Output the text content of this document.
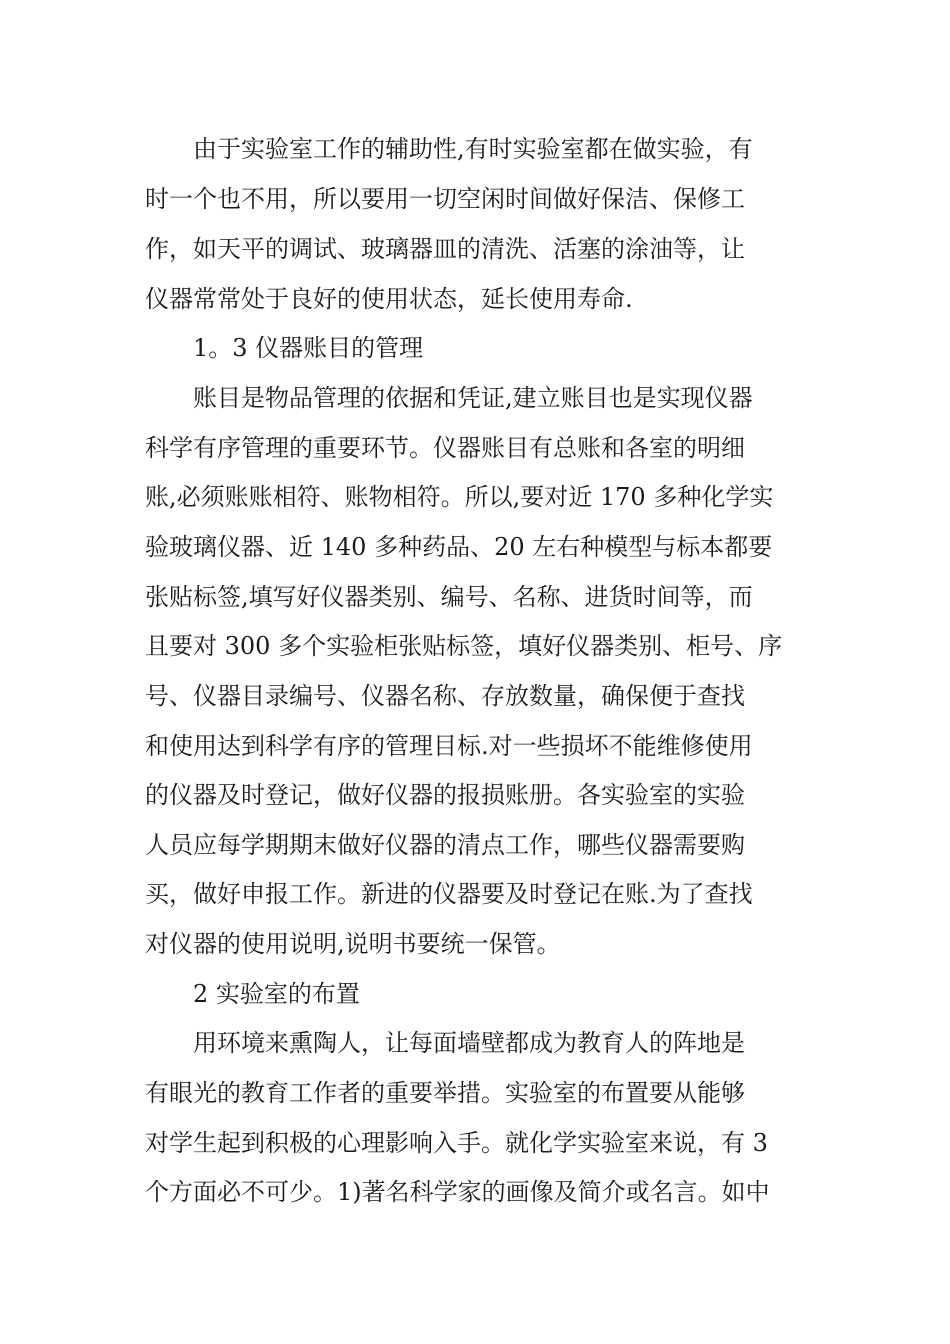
由于实验室工作的辅助性,有时实验室都在做实验，有

时一个也不用，所以要用一切空闲时间做好保洁、保修工

作，如天平的调试、玻璃器皿的清洗、活塞的涂油等，让

仪器常常处于良好的使用状态，延长使用寿命.

1。3 仪器账目的管理

账目是物品管理的依据和凭证,建立账目也是实现仪器

科学有序管理的重要环节。仪器账目有总账和各室的明细

账,必须账账相符、账物相符。所以,要对近 170 多种化学实

验玻璃仪器、近 140 多种药品、20 左右种模型与标本都要

张贴标签,填写好仪器类别、编号、名称、进货时间等，而

且要对 300 多个实验柜张贴标签，填好仪器类别、柜号、序

号、仪器目录编号、仪器名称、存放数量，确保便于查找

和使用达到科学有序的管理目标.对一些损坏不能维修使用

的仪器及时登记，做好仪器的报损账册。各实验室的实验

人员应每学期期末做好仪器的清点工作，哪些仪器需要购

买，做好申报工作。新进的仪器要及时登记在账.为了查找

对仪器的使用说明,说明书要统一保管。

2 实验室的布置

用环境来熏陶人，让每面墙壁都成为教育人的阵地是

有眼光的教育工作者的重要举措。实验室的布置要从能够

对学生起到积极的心理影响入手。就化学实验室来说，有 3

个方面必不可少。1)著名科学家的画像及简介或名言。如中
